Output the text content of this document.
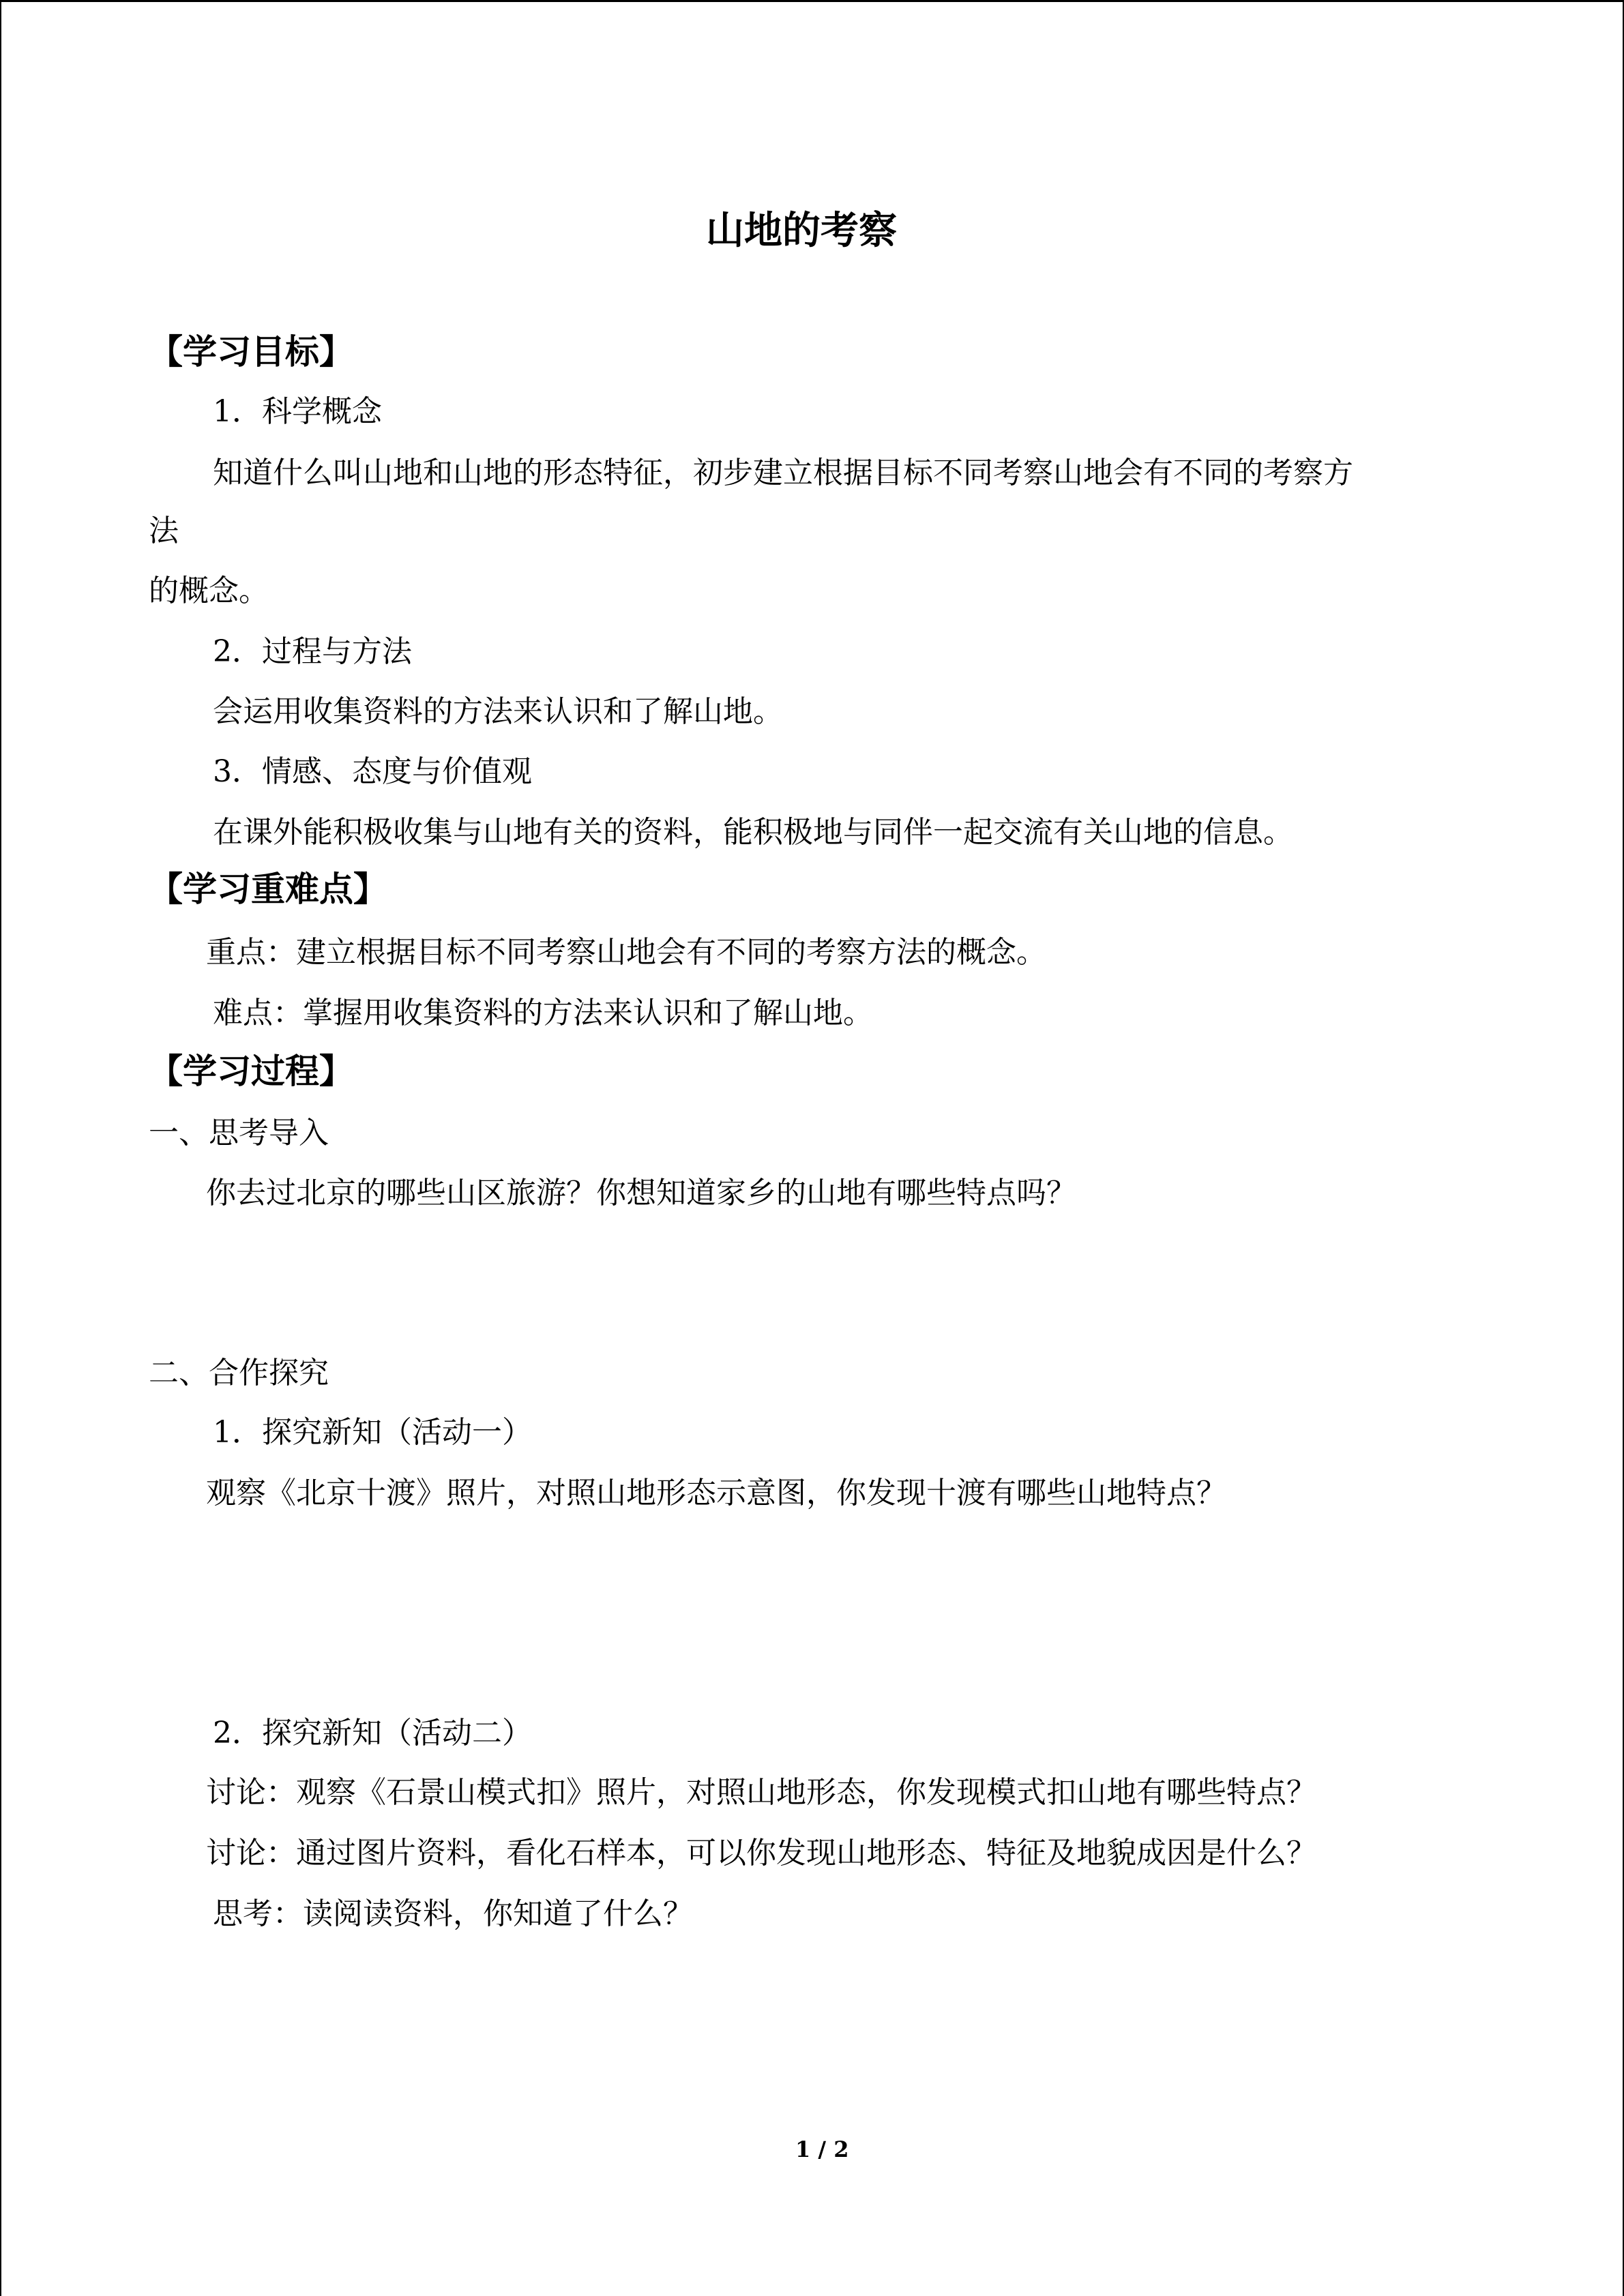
山地的考察
【学习目标】
1．科学概念
知道什么叫山地和山地的形态特征，初步建立根据目标不同考察山地会有不同的考察方
法
的概念。
2．过程与方法
会运用收集资料的方法来认识和了解山地。
3．情感、态度与价值观
在课外能积极收集与山地有关的资料，能积极地与同伴一起交流有关山地的信息。
【学习重难点】
重点：建立根据目标不同考察山地会有不同的考察方法的概念。
难点：掌握用收集资料的方法来认识和了解山地。
【学习过程】
一、思考导入
你去过北京的哪些山区旅游？你想知道家乡的山地有哪些特点吗？
二、合作探究
1．探究新知（活动一）
观察《北京十渡》照片，对照山地形态示意图，你发现十渡有哪些山地特点？
2．探究新知（活动二）
讨论：观察《石景山模式扣》照片，对照山地形态，你发现模式扣山地有哪些特点？
讨论：通过图片资料，看化石样本，可以你发现山地形态、特征及地貌成因是什么？
思考：读阅读资料，你知道了什么？
1 / 2
